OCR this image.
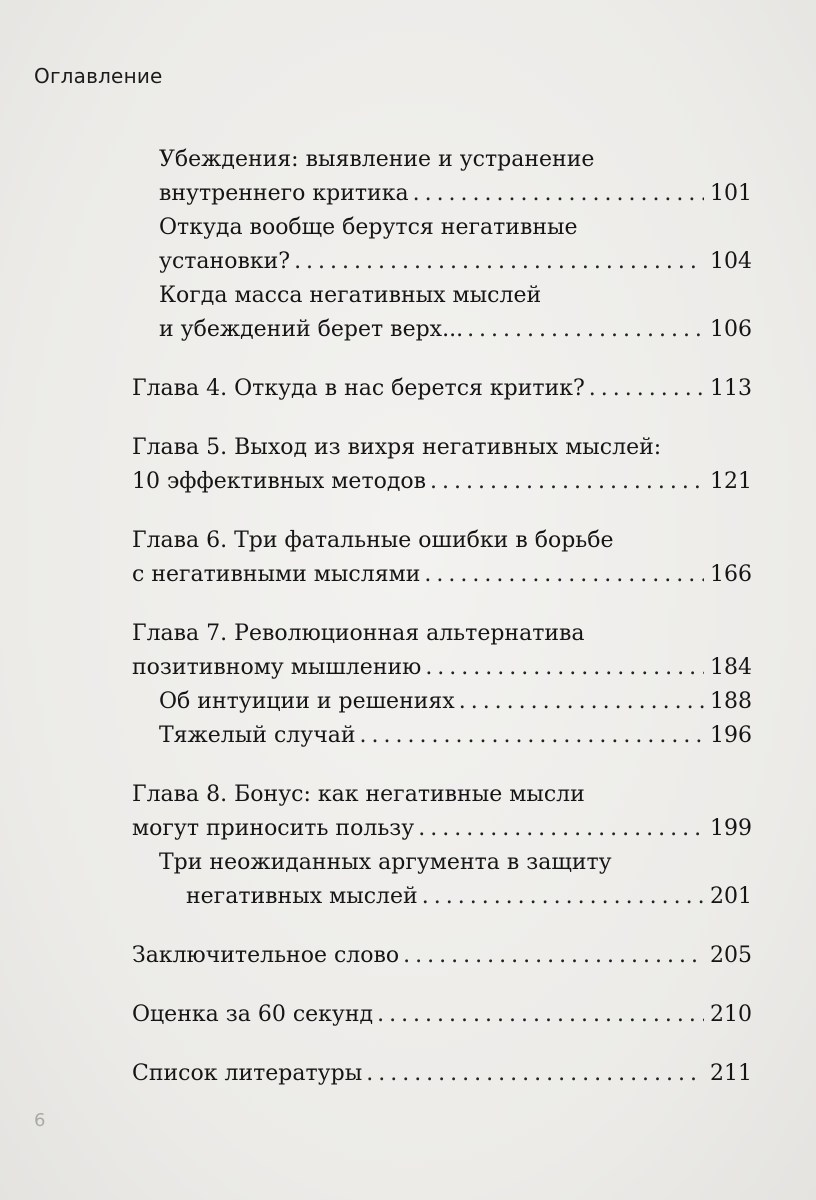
Оглавление
Убеждения: выявление и устранение
внутреннего критика .....	101
Откуда вообще берутся негативные
установки? .....	104
Когда масса негативных мыслей
и убеждений берет верх... .....	106
Глава 4. Откуда в нас берется критик? .....	113
Глава 5. Выход из вихря негативных мыслей:
10 эффективных методов .....	121
Глава 6. Три фатальные ошибки в борьбе
с негативными мыслями .....	166
Глава 7. Революционная альтернатива
позитивному мышлению .....	184
Об интуиции и решениях .....	188
Тяжелый случай .....	196
Глава 8. Бонус: как негативные мысли
могут приносить пользу .....	199
Три неожиданных аргумента в защиту
негативных мыслей .....	201
Заключительное слово .....	205
Оценка за 60 секунд .....	210
Список литературы .....	211
6
